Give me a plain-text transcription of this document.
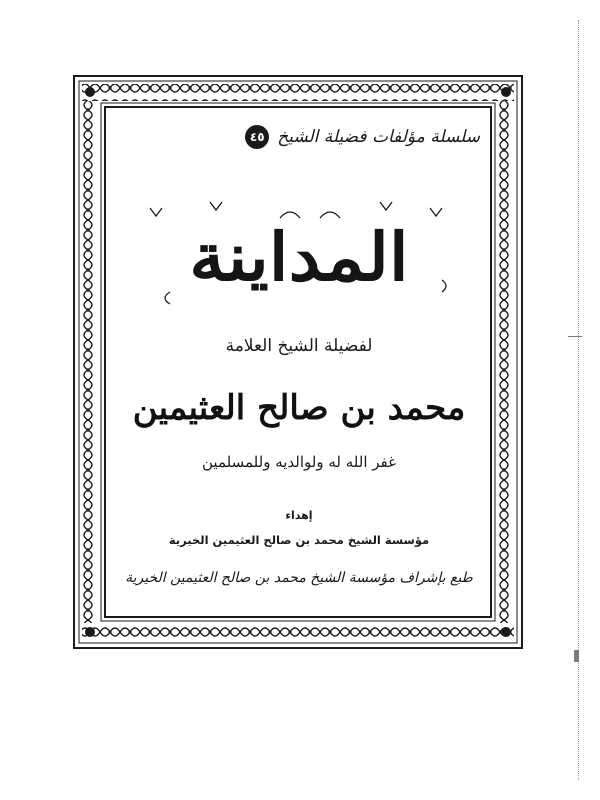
سلسلة مؤلفات فضيلة الشيخ
٤٥
المداينة
لفضيلة الشيخ العلامة
محمد بن صالح العثيمين
غفر الله له ولوالديه وللمسلمين
إهداء
مؤسسة الشيخ محمد بن صالح العثيمين الخيرية
طبع بإشراف مؤسسة الشيخ محمد بن صالح العثيمين الخيرية
